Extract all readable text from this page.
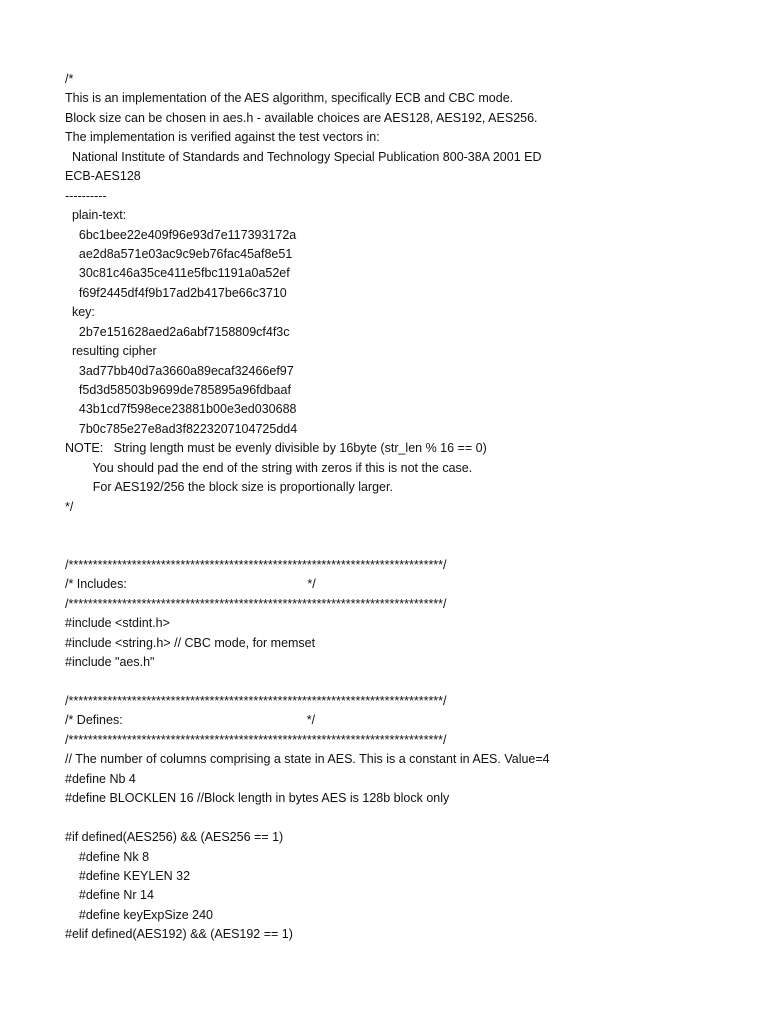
/*
This is an implementation of the AES algorithm, specifically ECB and CBC mode.
Block size can be chosen in aes.h - available choices are AES128, AES192, AES256.
The implementation is verified against the test vectors in:
National Institute of Standards and Technology Special Publication 800-38A 2001 ED
ECB-AES128
----------
plain-text:
6bc1bee22e409f96e93d7e117393172a
ae2d8a571e03ac9c9eb76fac45af8e51
30c81c46a35ce411e5fbc1191a0a52ef
f69f2445df4f9b17ad2b417be66c3710
key:
2b7e151628aed2a6abf7158809cf4f3c
resulting cipher
3ad77bb40d7a3660a89ecaf32466ef97
f5d3d58503b9699de785895a96fdbaaf
43b1cd7f598ece23881b00e3ed030688
7b0c785e27e8ad3f8223207104725dd4
NOTE:   String length must be evenly divisible by 16byte (str_len % 16 == 0)
You should pad the end of the string with zeros if this is not the case.
For AES192/256 the block size is proportionally larger.
*/
/*****************************************************************************/
/* Includes:                                                    */
/*****************************************************************************/
#include <stdint.h>
#include <string.h> // CBC mode, for memset
#include "aes.h"
/*****************************************************************************/
/* Defines:                                                     */
/*****************************************************************************/
// The number of columns comprising a state in AES. This is a constant in AES. Value=4
#define Nb 4
#define BLOCKLEN 16 //Block length in bytes AES is 128b block only
#if defined(AES256) && (AES256 == 1)
#define Nk 8
#define KEYLEN 32
#define Nr 14
#define keyExpSize 240
#elif defined(AES192) && (AES192 == 1)
